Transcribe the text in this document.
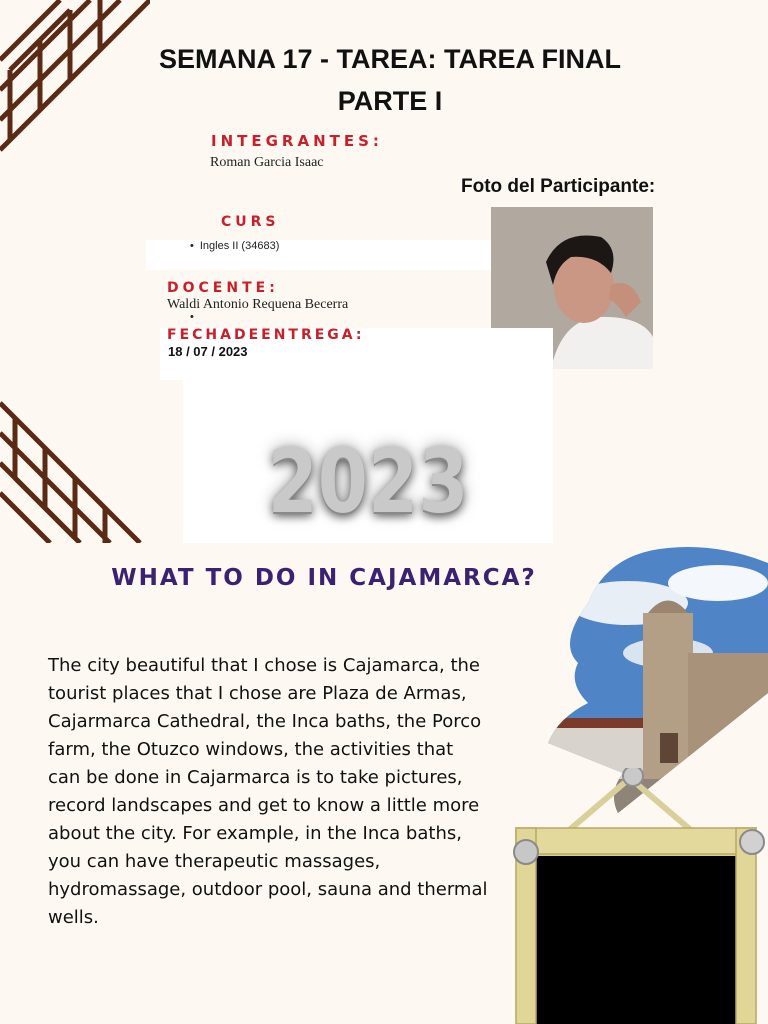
SEMANA 17 - TAREA: TAREA FINAL
PARTE I
INTEGRANTES:
Roman Garcia Isaac
Foto del Participante:
CURS
• Ingles II (34683)
DOCENTE:
Waldi Antonio Requena Becerra
•
FECHADEENTREGA:
18 / 07 / 2023
2023
WHAT TO DO IN CAJAMARCA?
The city beautiful that I chose is Cajamarca, the tourist places that I chose are Plaza de Armas, Cajarmarca Cathedral, the Inca baths, the Porco farm, the Otuzco windows, the activities that can be done in Cajarmarca is to take pictures, record landscapes and get to know a little more about the city. For example, in the Inca baths, you can have therapeutic massages, hydromassage, outdoor pool, sauna and thermal wells.
